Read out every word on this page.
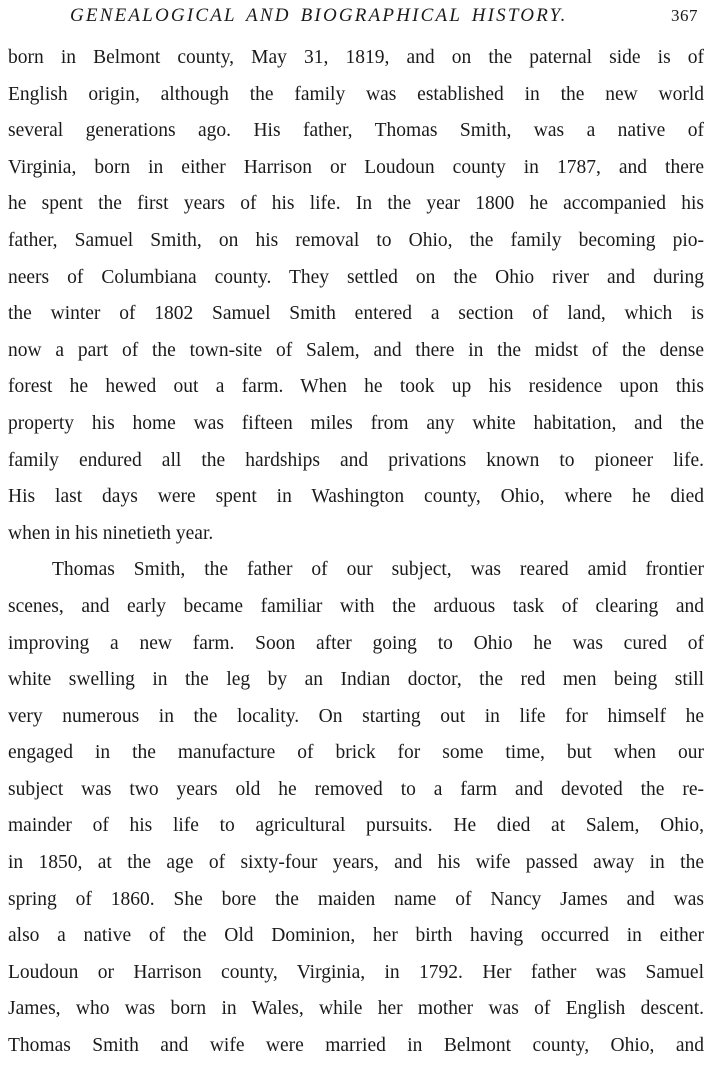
GENEALOGICAL AND BIOGRAPHICAL HISTORY.	367
born in Belmont county, May 31, 1819, and on the paternal side is of
English origin, although the family was established in the new world
several generations ago. His father, Thomas Smith, was a native of
Virginia, born in either Harrison or Loudoun county in 1787, and there
he spent the first years of his life. In the year 1800 he accompanied his
father, Samuel Smith, on his removal to Ohio, the family becoming pio-
neers of Columbiana county. They settled on the Ohio river and during
the winter of 1802 Samuel Smith entered a section of land, which is
now a part of the town-site of Salem, and there in the midst of the dense
forest he hewed out a farm. When he took up his residence upon this
property his home was fifteen miles from any white habitation, and the
family endured all the hardships and privations known to pioneer life.
His last days were spent in Washington county, Ohio, where he died
when in his ninetieth year.
Thomas Smith, the father of our subject, was reared amid frontier
scenes, and early became familiar with the arduous task of clearing and
improving a new farm. Soon after going to Ohio he was cured of
white swelling in the leg by an Indian doctor, the red men being still
very numerous in the locality. On starting out in life for himself he
engaged in the manufacture of brick for some time, but when our
subject was two years old he removed to a farm and devoted the re-
mainder of his life to agricultural pursuits. He died at Salem, Ohio,
in 1850, at the age of sixty-four years, and his wife passed away in the
spring of 1860. She bore the maiden name of Nancy James and was
also a native of the Old Dominion, her birth having occurred in either
Loudoun or Harrison county, Virginia, in 1792. Her father was Samuel
James, who was born in Wales, while her mother was of English descent.
Thomas Smith and wife were married in Belmont county, Ohio, and
